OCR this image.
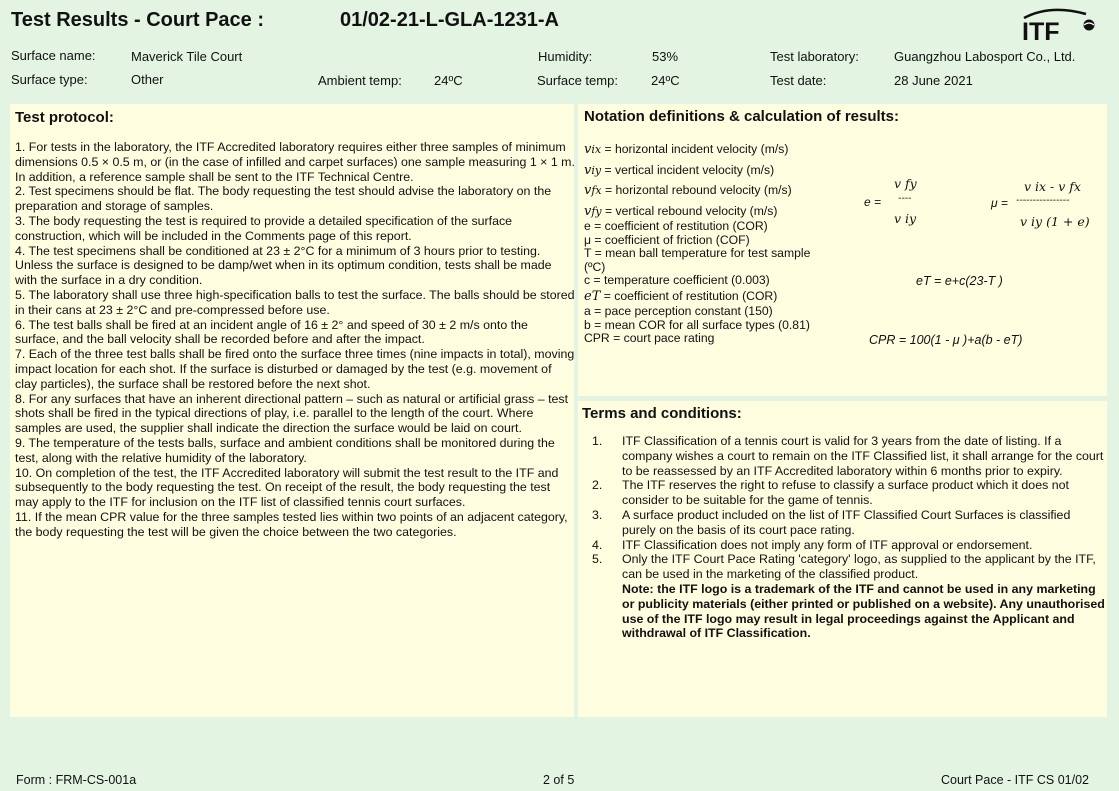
Test Results - Court Pace :	01/02-21-L-GLA-1231-A	ITF
Surface name:	Maverick Tile Court	Humidity:	53%	Test laboratory:	Guangzhou Labosport Co., Ltd.
Surface type:	Other	Ambient temp: 24ºC	Surface temp:	24ºC	Test date:	28 June 2021
Test protocol:

1. For tests in the laboratory, the ITF Accredited laboratory requires either three samples of minimum dimensions 0.5 × 0.5 m, or (in the case of infilled and carpet surfaces) one sample measuring 1 × 1 m. In addition, a reference sample shall be sent to the ITF Technical Centre.

2. Test specimens should be flat. The body requesting the test should advise the laboratory on the preparation and storage of samples.

3. The body requesting the test is required to provide a detailed specification of the surface construction, which will be included in the Comments page of this report.

4. The test specimens shall be conditioned at 23 ± 2°C for a minimum of 3 hours prior to testing. Unless the surface is designed to be damp/wet when in its optimum condition, tests shall be made with the surface in a dry condition.

5. The laboratory shall use three high-specification balls to test the surface. The balls should be stored in their cans at 23 ± 2°C and pre-compressed before use.

6. The test balls shall be fired at an incident angle of 16 ± 2° and speed of 30 ± 2 m/s onto the surface, and the ball velocity shall be recorded before and after the impact.

7. Each of the three test balls shall be fired onto the surface three times (nine impacts in total), moving impact location for each shot. If the surface is disturbed or damaged by the test (e.g. movement of clay particles), the surface shall be restored before the next shot.

8. For any surfaces that have an inherent directional pattern – such as natural or artificial grass – test shots shall be fired in the typical directions of play, i.e. parallel to the length of the court. Where samples are used, the supplier shall indicate the direction the surface would be laid on court.

9. The temperature of the tests balls, surface and ambient conditions shall be monitored during the test, along with the relative humidity of the laboratory.

10. On completion of the test, the ITF Accredited laboratory will submit the test result to the ITF and subsequently to the body requesting the test. On receipt of the result, the body requesting the test may apply to the ITF for inclusion on the ITF list of classified tennis court surfaces.

11. If the mean CPR value for the three samples tested lies within two points of an adjacent category, the body requesting the test will be given the choice between the two categories.

Notation definitions & calculation of results:
vix = horizontal incident velocity (m/s)
viy = vertical incident velocity (m/s)
vfx = horizontal rebound velocity (m/s)
vfy = vertical rebound velocity (m/s)
e = coefficient of restitution (COR)
μ = coefficient of friction (COF)
T = mean ball temperature for test sample
(ºC)
c = temperature coefficient (0.003)
eT = coefficient of restitution (COR)
a = pace perception constant (150)
b = mean COR for all surface types (0.81)
CPR = court pace rating
e =
v fy
----
v iy
μ =
v ix - v fx
----------------
v iy (1 + e)
eT = e+c(23-T )
CPR = 100(1 - μ )+a(b - eT)
Terms and conditions:
1.	ITF Classification of a tennis court is valid for 3 years from the date of listing. If a company wishes a court to remain on the ITF Classified list, it shall arrange for the court to be reassessed by an ITF Accredited laboratory within 6 months prior to expiry.
2.	The ITF reserves the right to refuse to classify a surface product which it does not consider to be suitable for the game of tennis.
3.	A surface product included on the list of ITF Classified Court Surfaces is classified purely on the basis of its court pace rating.
4.	ITF Classification does not imply any form of ITF approval or endorsement.
5.	Only the ITF Court Pace Rating 'category' logo, as supplied to the applicant by the ITF, can be used in the marketing of the classified product.
Note: the ITF logo is a trademark of the ITF and cannot be used in any marketing or publicity materials (either printed or published on a website). Any unauthorised use of the ITF logo may result in legal proceedings against the Applicant and withdrawal of ITF Classification.
Form : FRM-CS-001a	2 of 5	Court Pace - ITF CS 01/02
